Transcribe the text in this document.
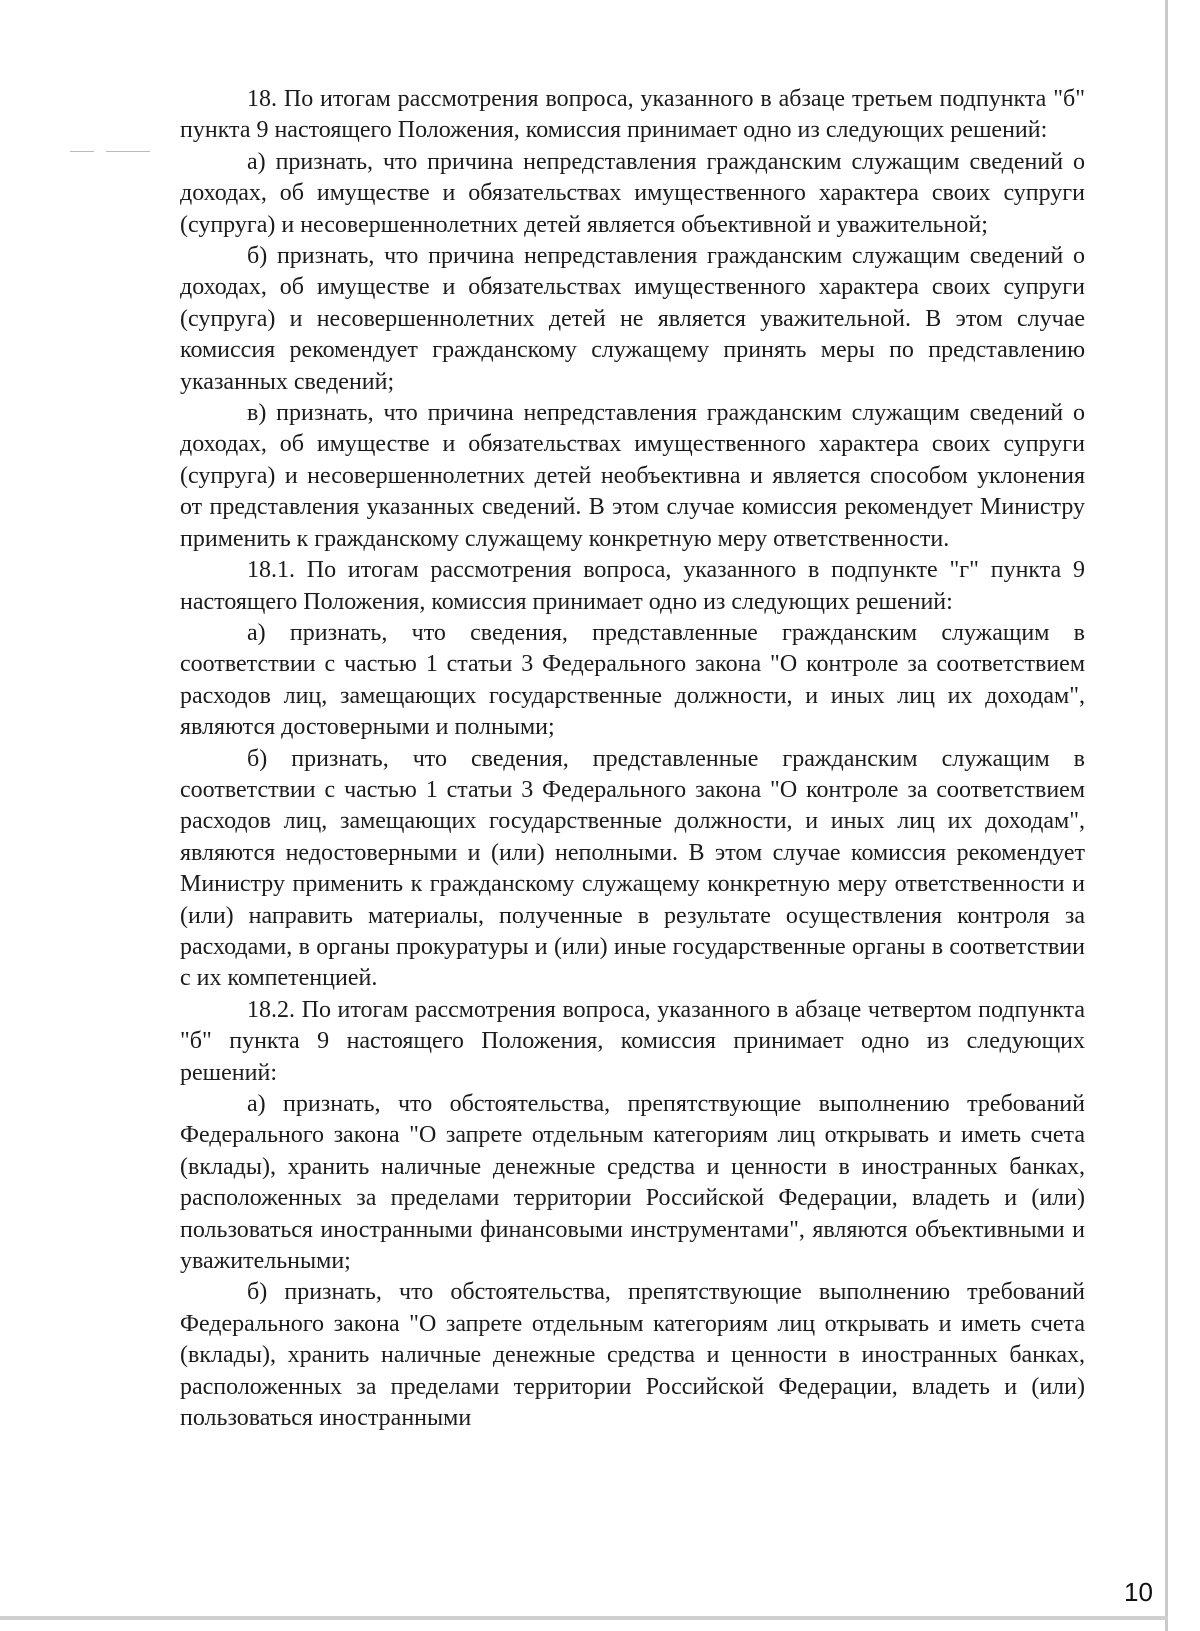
18. По итогам рассмотрения вопроса, указанного в абзаце третьем подпункта "б" пункта 9 настоящего Положения, комиссия принимает одно из следующих решений:

а) признать, что причина непредставления гражданским служащим сведений о доходах, об имуществе и обязательствах имущественного характера своих супруги (супруга) и несовершеннолетних детей является объективной и уважительной;

б) признать, что причина непредставления гражданским служащим сведений о доходах, об имуществе и обязательствах имущественного характера своих супруги (супруга) и несовершеннолетних детей не является уважительной. В этом случае комиссия рекомендует гражданскому служащему принять меры по представлению указанных сведений;

в) признать, что причина непредставления гражданским служащим сведений о доходах, об имуществе и обязательствах имущественного характера своих супруги (супруга) и несовершеннолетних детей необъективна и является способом уклонения от представления указанных сведений. В этом случае комиссия рекомендует Министру применить к гражданскому служащему конкретную меру ответственности.

18.1. По итогам рассмотрения вопроса, указанного в подпункте "г" пункта 9 настоящего Положения, комиссия принимает одно из следующих решений:

а) признать, что сведения, представленные гражданским служащим в соответствии с частью 1 статьи 3 Федерального закона "О контроле за соответствием расходов лиц, замещающих государственные должности, и иных лиц их доходам", являются достоверными и полными;

б) признать, что сведения, представленные гражданским служащим в соответствии с частью 1 статьи 3 Федерального закона "О контроле за соответствием расходов лиц, замещающих государственные должности, и иных лиц их доходам", являются недостоверными и (или) неполными. В этом случае комиссия рекомендует Министру применить к гражданскому служащему конкретную меру ответственности и (или) направить материалы, полученные в результате осуществления контроля за расходами, в органы прокуратуры и (или) иные государственные органы в соответствии с их компетенцией.

18.2. По итогам рассмотрения вопроса, указанного в абзаце четвертом подпункта "б" пункта 9 настоящего Положения, комиссия принимает одно из следующих решений:

а) признать, что обстоятельства, препятствующие выполнению требований Федерального закона "О запрете отдельным категориям лиц открывать и иметь счета (вклады), хранить наличные денежные средства и ценности в иностранных банках, расположенных за пределами территории Российской Федерации, владеть и (или) пользоваться иностранными финансовыми инструментами", являются объективными и уважительными;

б) признать, что обстоятельства, препятствующие выполнению требований Федерального закона "О запрете отдельным категориям лиц открывать и иметь счета (вклады), хранить наличные денежные средства и ценности в иностранных банках, расположенных за пределами территории Российской Федерации, владеть и (или) пользоваться иностранными

10
